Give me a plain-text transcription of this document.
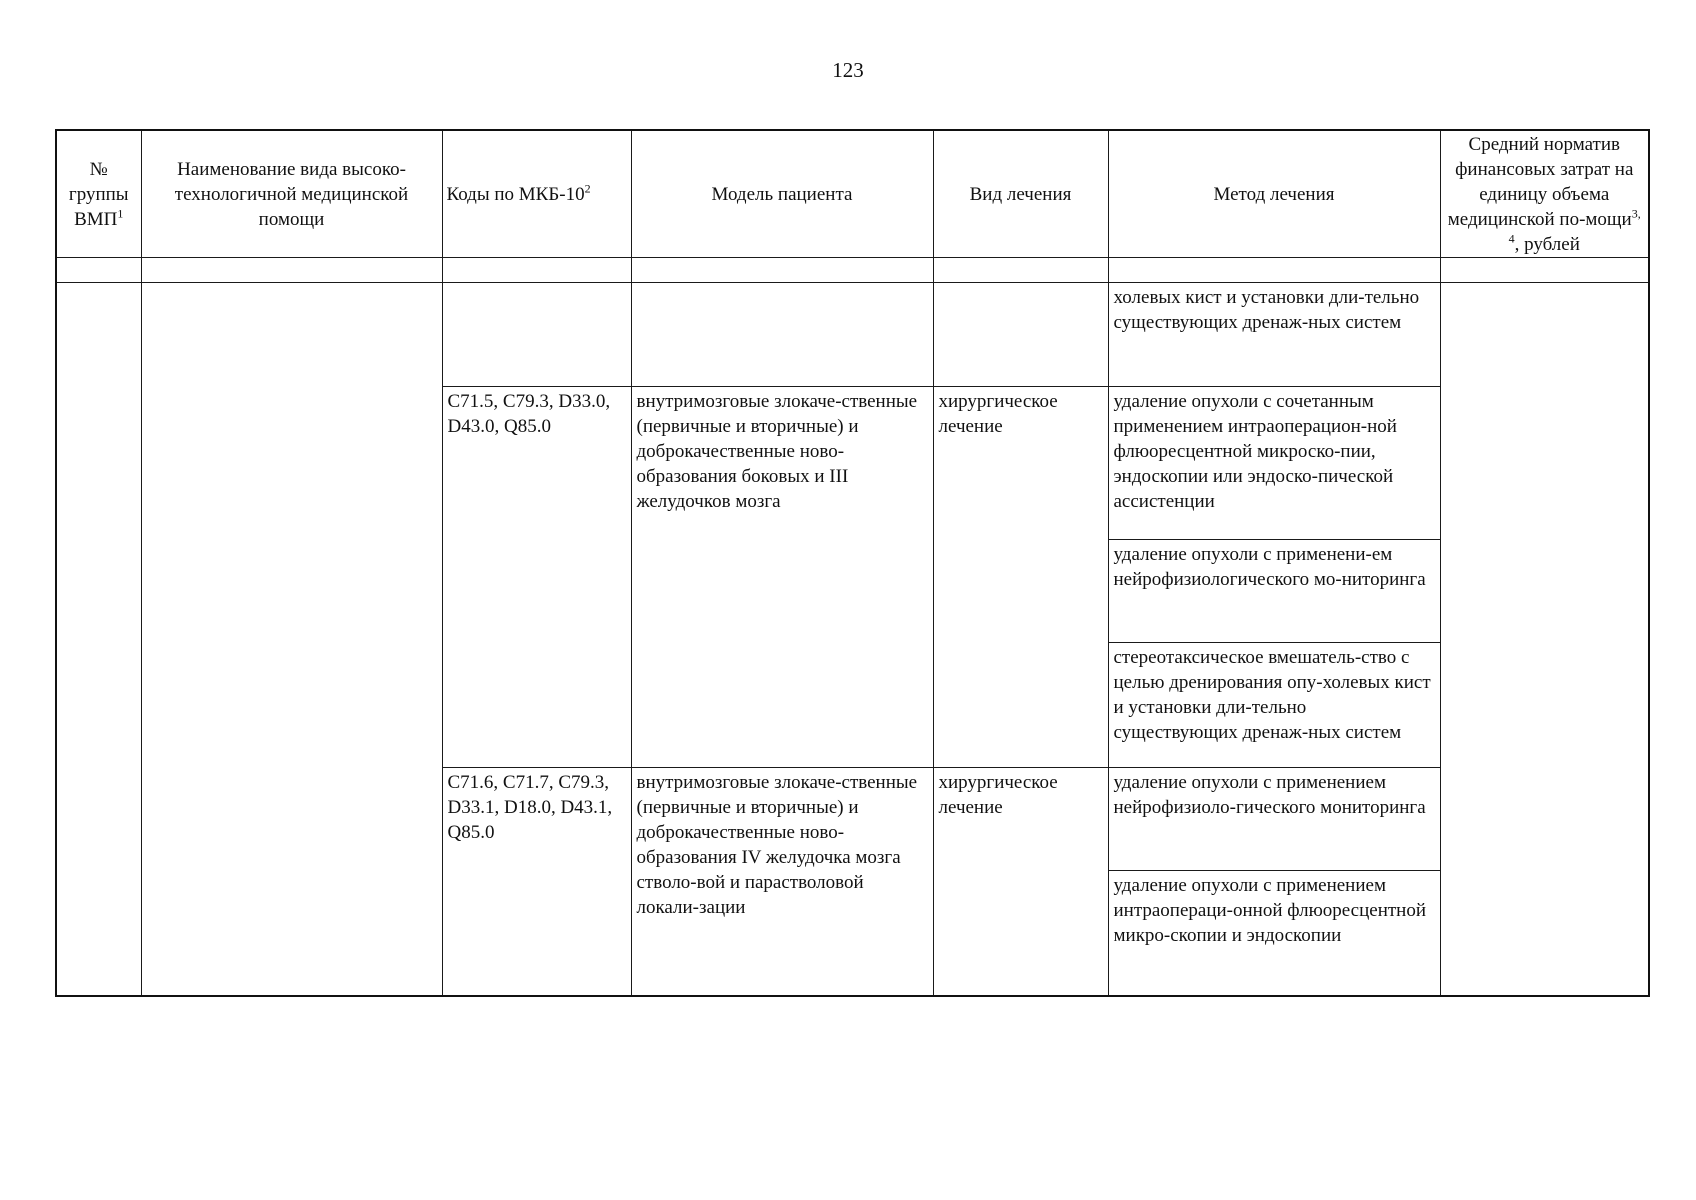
123
№
группы
ВМП$^1$	Наименование вида высоко-технологичной медицинской помощи	Коды по МКБ-$10^2$	Модель пациента	Вид лечения	Метод лечения	Средний норматив финансовых затрат на единицу объема медицинской по-мощи$^{3, 4}$, рублей

					холевых кист и установки дли-тельно существующих дренаж-ных систем	
		C71.5, C79.3, D33.0, D43.0, Q85.0	внутримозговые злокаче-ственные (первичные и вторичные) и доброкачественные ново-образования боковых и III желудочков мозга	хирургическое лечение	удаление опухоли с сочетанным применением интраоперацион-ной флюоресцентной микроско-пии, эндоскопии или эндоско-пической ассистенции	
					удаление опухоли с применени-ем нейрофизиологического мо-ниторинга	
					стереотаксическое вмешатель-ство с целью дренирования опу-холевых кист и установки дли-тельно существующих дренаж-ных систем	
		C71.6, C71.7, C79.3, D33.1, D18.0, D43.1, Q85.0	внутримозговые злокаче-ственные (первичные и вторичные) и доброкачественные ново-образования IV желудочка мозга стволо-вой и парастволовой локали-зации	хирургическое лечение	удаление опухоли с применением нейрофизиоло-гического мониторинга	
					удаление опухоли с применением интраопераци-онной флюоресцентной микро-скопии и эндоскопии	
